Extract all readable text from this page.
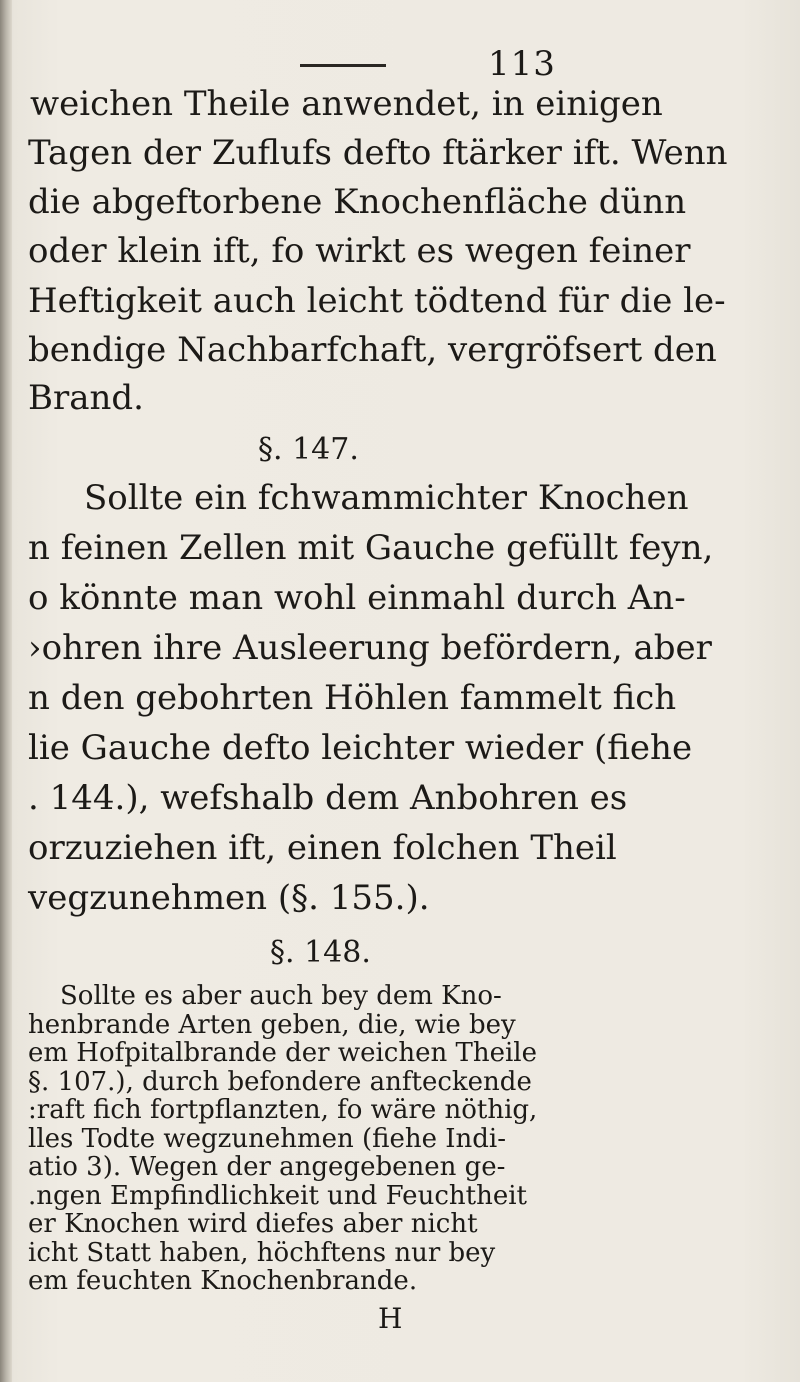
113
weichen Theile anwendet, in einigen
Tagen der Zuflufs defto ftärker ift. Wenn
die abgeftorbene Knochenfläche dünn
oder klein ift, fo wirkt es wegen feiner
Heftigkeit auch leicht tödtend für die le-
bendige Nachbarfchaft, vergröfsert den
Brand.
§. 147.
Sollte ein fchwammichter Knochen
n feinen Zellen mit Gauche gefüllt feyn,
o könnte man wohl einmahl durch An-
›ohren ihre Ausleerung befördern, aber
n den gebohrten Höhlen fammelt fich
lie Gauche defto leichter wieder (fiehe
. 144.), wefshalb dem Anbohren es
orzuziehen ift, einen folchen Theil
vegzunehmen (§. 155.).
§. 148.
Sollte es aber auch bey dem Kno-
henbrande Arten geben, die, wie bey
em Hofpitalbrande der weichen Theile
§. 107.), durch befondere anfteckende
:raft fich fortpflanzten, fo wäre nöthig,
lles Todte wegzunehmen (fiehe Indi-
atio 3). Wegen der angegebenen ge-
.ngen Empfindlichkeit und Feuchtheit
er Knochen wird diefes aber nicht
icht Statt haben, höchftens nur bey
em feuchten Knochenbrande.
H
